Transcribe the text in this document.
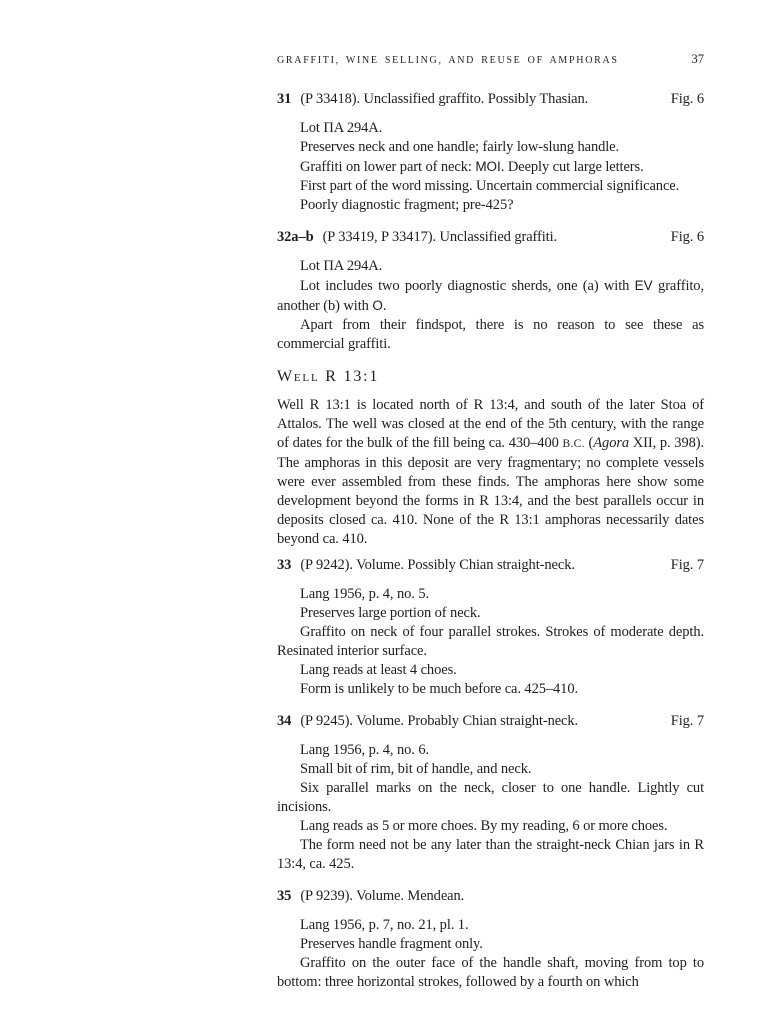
GRAFFITI, WINE SELLING, AND REUSE OF AMPHORAS	37
31 (P 33418). Unclassified graffito. Possibly Thasian.	Fig. 6

Lot ΠΑ 294A.

Preserves neck and one handle; fairly low-slung handle.

Graffiti on lower part of neck: MOI. Deeply cut large letters.

First part of the word missing. Uncertain commercial significance.

Poorly diagnostic fragment; pre-425?

32a–b (P 33419, P 33417). Unclassified graffiti.	Fig. 6

Lot ΠΑ 294A.

Lot includes two poorly diagnostic sherds, one (a) with EV graffito, another (b) with O.

Apart from their findspot, there is no reason to see these as commercial graffiti.

Well R 13:1

Well R 13:1 is located north of R 13:4, and south of the later Stoa of Attalos. The well was closed at the end of the 5th century, with the range of dates for the bulk of the fill being ca. 430–400 B.C. (Agora XII, p. 398). The amphoras in this deposit are very fragmentary; no complete vessels were ever assembled from these finds. The amphoras here show some development beyond the forms in R 13:4, and the best parallels occur in deposits closed ca. 410. None of the R 13:1 amphoras necessarily dates beyond ca. 410.

33 (P 9242). Volume. Possibly Chian straight-neck.	Fig. 7

Lang 1956, p. 4, no. 5.

Preserves large portion of neck.

Graffito on neck of four parallel strokes. Strokes of moderate depth. Resinated interior surface.

Lang reads at least 4 choes.

Form is unlikely to be much before ca. 425–410.

34 (P 9245). Volume. Probably Chian straight-neck.	Fig. 7

Lang 1956, p. 4, no. 6.

Small bit of rim, bit of handle, and neck.

Six parallel marks on the neck, closer to one handle. Lightly cut incisions.

Lang reads as 5 or more choes. By my reading, 6 or more choes.

The form need not be any later than the straight-neck Chian jars in R 13:4, ca. 425.

35 (P 9239). Volume. Mendean.

Lang 1956, p. 7, no. 21, pl. 1.

Preserves handle fragment only.

Graffito on the outer face of the handle shaft, moving from top to bottom: three horizontal strokes, followed by a fourth on which
